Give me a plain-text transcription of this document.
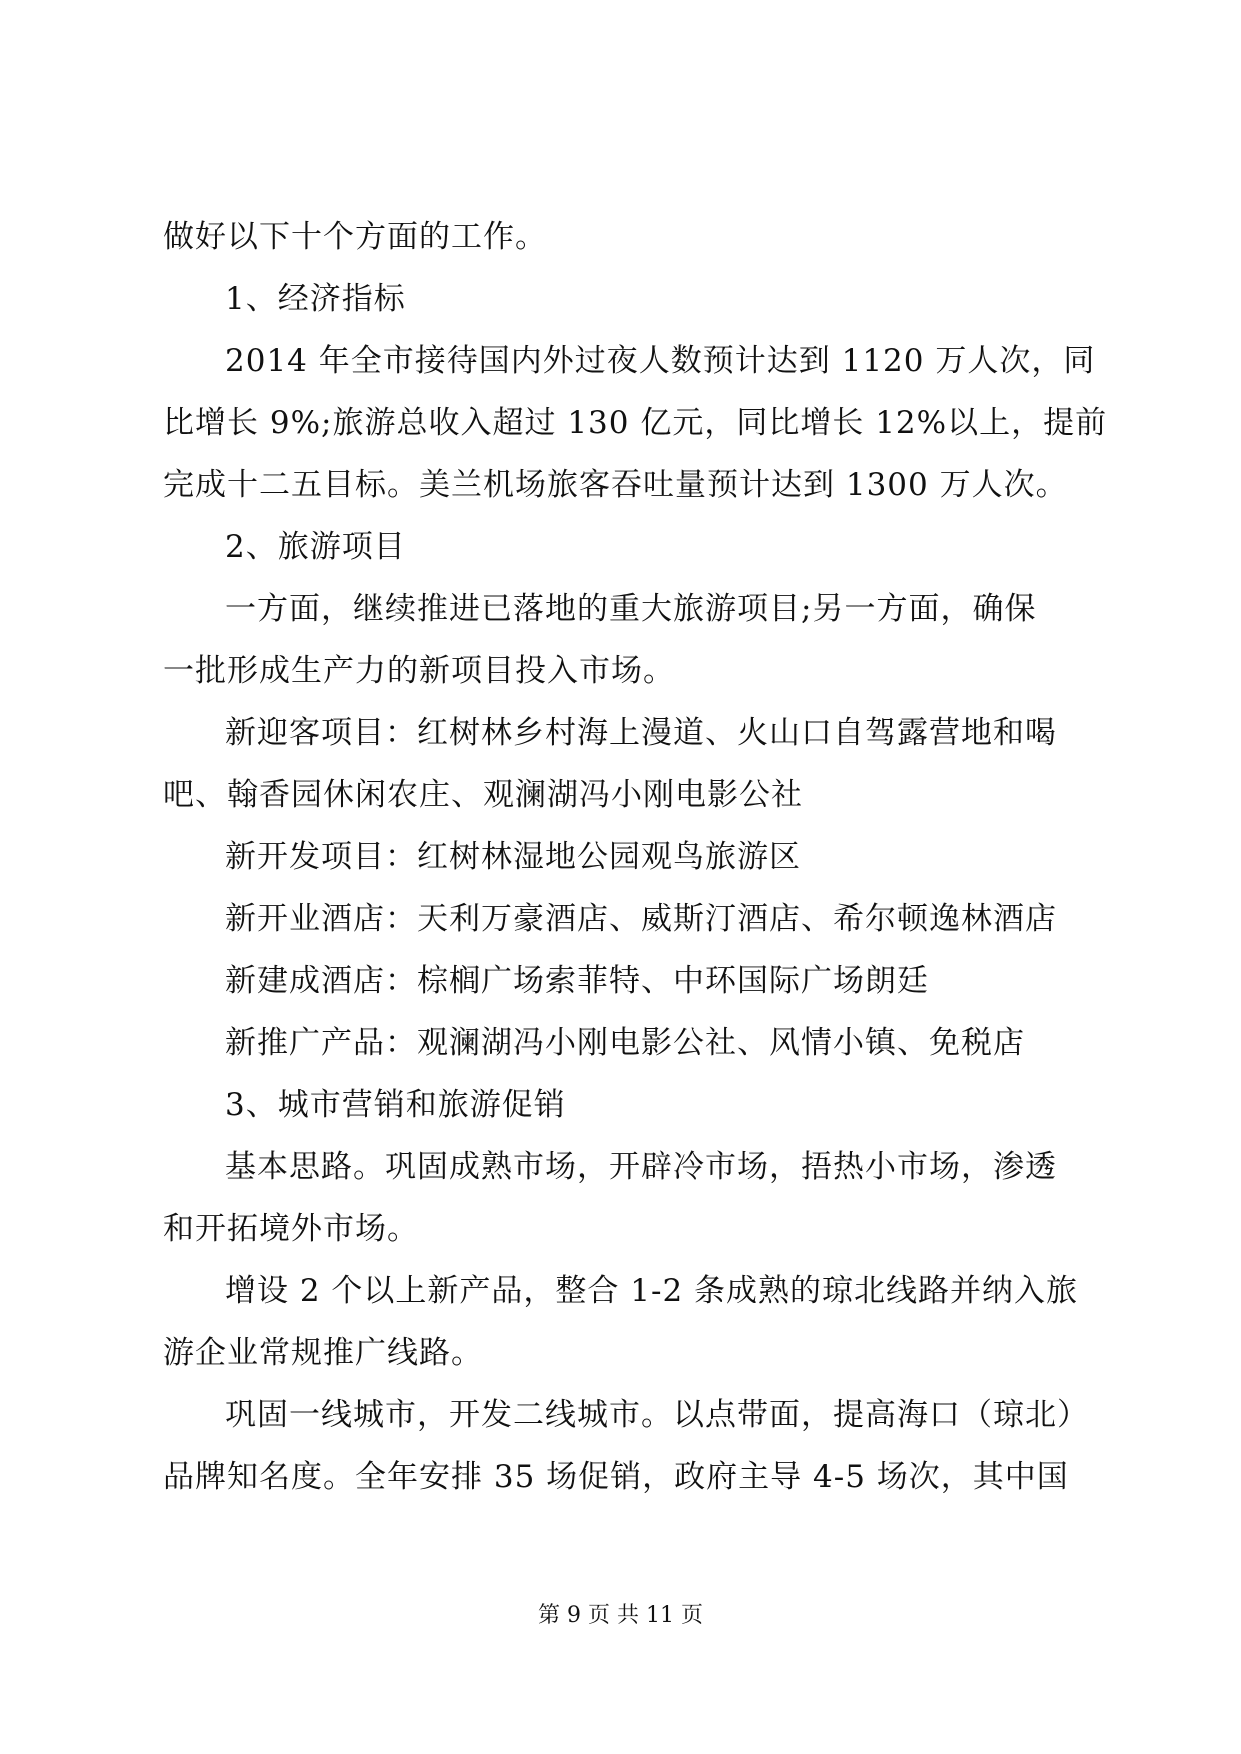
做好以下十个方面的工作。
1、经济指标
2014 年全市接待国内外过夜人数预计达到 1120 万人次，同
比增长 9%;旅游总收入超过 130 亿元，同比增长 12%以上，提前
完成十二五目标。美兰机场旅客吞吐量预计达到 1300 万人次。
2、旅游项目
一方面，继续推进已落地的重大旅游项目;另一方面，确保
一批形成生产力的新项目投入市场。
新迎客项目：红树林乡村海上漫道、火山口自驾露营地和喝
吧、翰香园休闲农庄、观澜湖冯小刚电影公社
新开发项目：红树林湿地公园观鸟旅游区
新开业酒店：天利万豪酒店、威斯汀酒店、希尔顿逸林酒店
新建成酒店：棕榈广场索菲特、中环国际广场朗廷
新推广产品：观澜湖冯小刚电影公社、风情小镇、免税店
3、城市营销和旅游促销
基本思路。巩固成熟市场，开辟冷市场，捂热小市场，渗透
和开拓境外市场。
增设 2 个以上新产品，整合 1-2 条成熟的琼北线路并纳入旅
游企业常规推广线路。
巩固一线城市，开发二线城市。以点带面，提高海口（琼北）
品牌知名度。全年安排 35 场促销，政府主导 4-5 场次，其中国
第 9 页 共 11 页
